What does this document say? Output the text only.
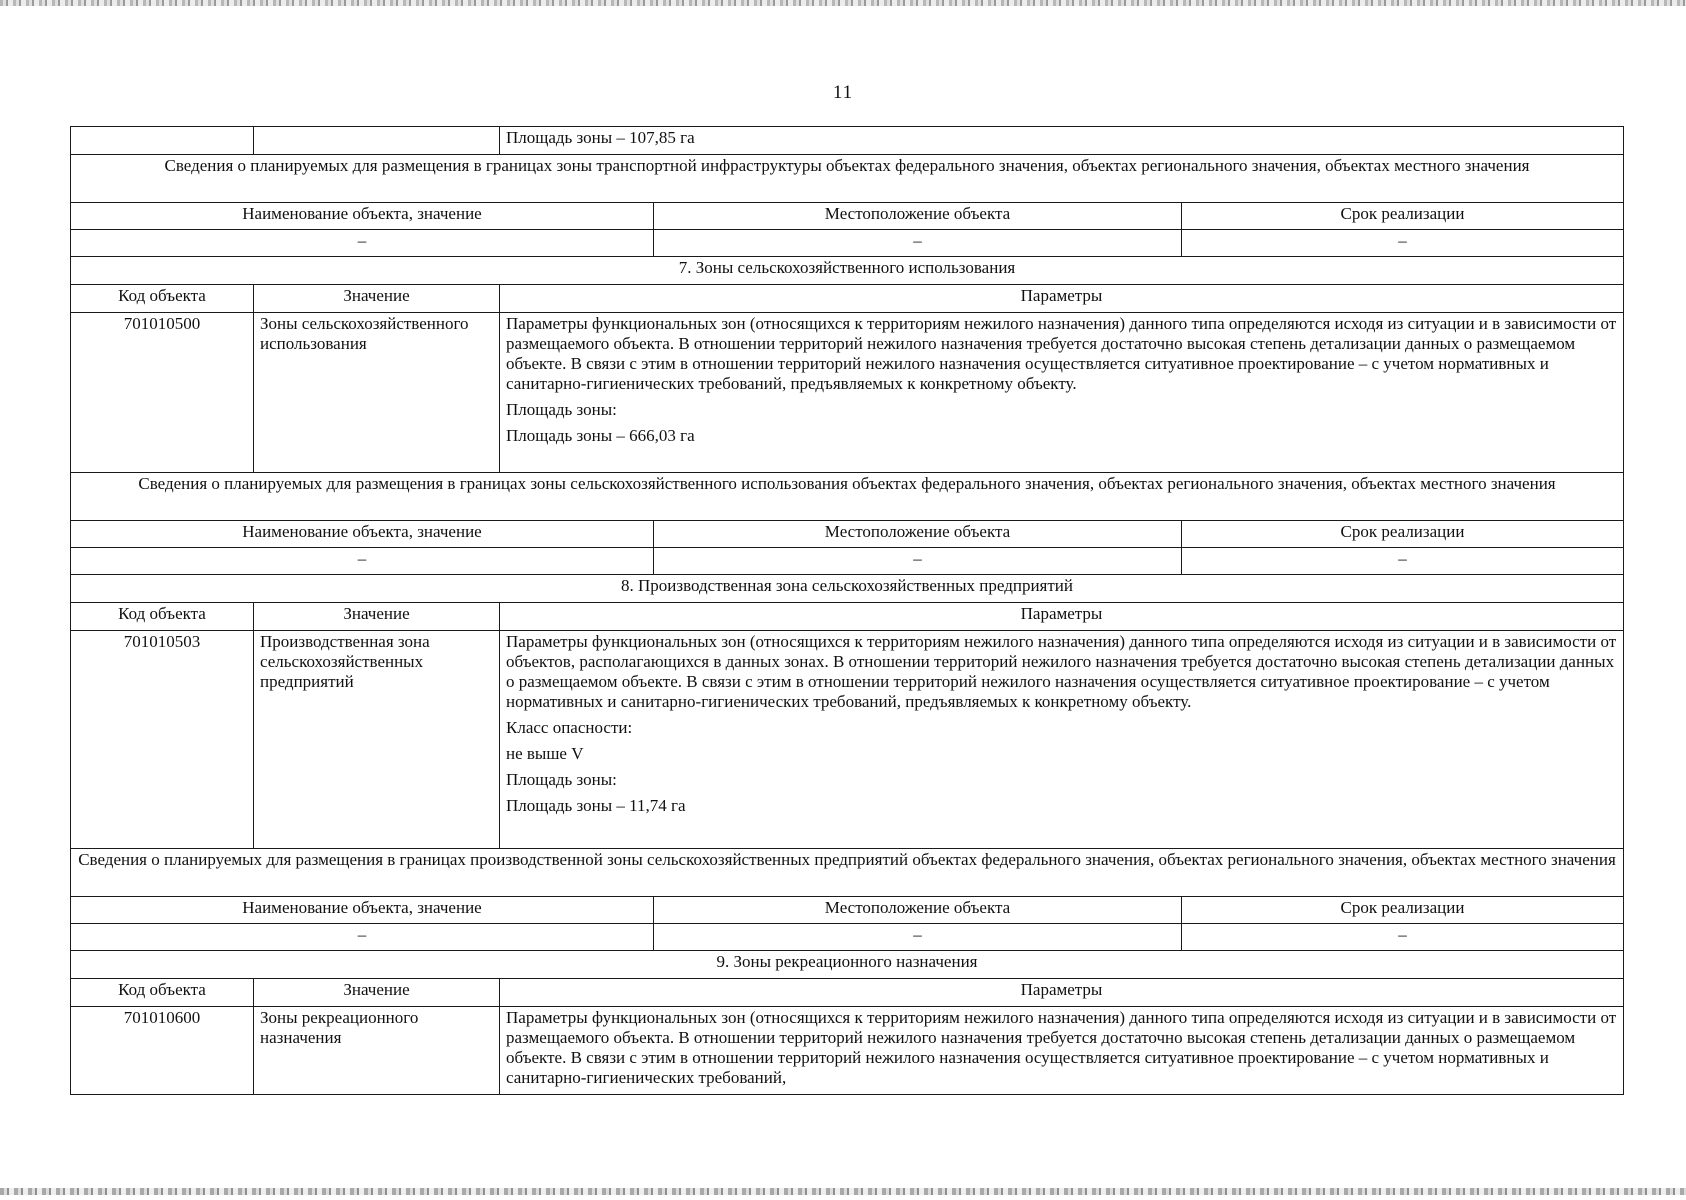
11
		Площадь зоны – 107,85 га		
Сведения о планируемых для размещения в границах зоны транспортной инфраструктуры объектах федерального значения, объектах регионального значения, объектах местного значения				
Наименование объекта, значение			Местоположение объекта	Срок реализации
–			–	–
7. Зоны сельскохозяйственного использования				
Код объекта	Значение	Параметры		
701010500	Зоны сельскохозяйственного использования	Параметры функциональных зон (относящихся к территориям нежилого назначения) данного типа определяются исходя из ситуации и в зависимости от размещаемого объекта. В отношении территорий нежилого назначения требуется достаточно высокая степень детализации данных о размещаемом объекте. В связи с этим в отношении территорий нежилого назначения осуществляется ситуативное проектирование – с учетом нормативных и санитарно-гигиенических требований, предъявляемых к конкретному объекту.

Площадь зоны:

Площадь зоны – 666,03 га		

Сведения о планируемых для размещения в границах зоны сельскохозяйственного использования объектах федерального значения, объектах регионального значения, объектах местного значения				
Наименование объекта, значение			Местоположение объекта	Срок реализации
–			–	–
8. Производственная зона сельскохозяйственных предприятий				
Код объекта	Значение	Параметры		
701010503	Производственная зона сельскохозяйственных предприятий	Параметры функциональных зон (относящихся к территориям нежилого назначения) данного типа определяются исходя из ситуации и в зависимости от объектов, располагающихся в данных зонах. В отношении территорий нежилого назначения требуется достаточно высокая степень детализации данных о размещаемом объекте. В связи с этим в отношении территорий нежилого назначения осуществляется ситуативное проектирование – с учетом нормативных и санитарно-гигиенических требований, предъявляемых к конкретному объекту.

Класс опасности:

не выше V

Площадь зоны:

Площадь зоны – 11,74 га		

Сведения о планируемых для размещения в границах производственной зоны сельскохозяйственных предприятий объектах федерального значения, объектах регионального значения, объектах местного значения				
Наименование объекта, значение			Местоположение объекта	Срок реализации
–			–	–
9. Зоны рекреационного назначения				
Код объекта	Значение	Параметры		
701010600	Зоны рекреационного назначения	Параметры функциональных зон (относящихся к территориям нежилого назначения) данного типа определяются исходя из ситуации и в зависимости от размещаемого объекта. В отношении территорий нежилого назначения требуется достаточно высокая степень детализации данных о размещаемом объекте. В связи с этим в отношении территорий нежилого назначения осуществляется ситуативное проектирование – с учетом нормативных и санитарно-гигиенических требований,		
